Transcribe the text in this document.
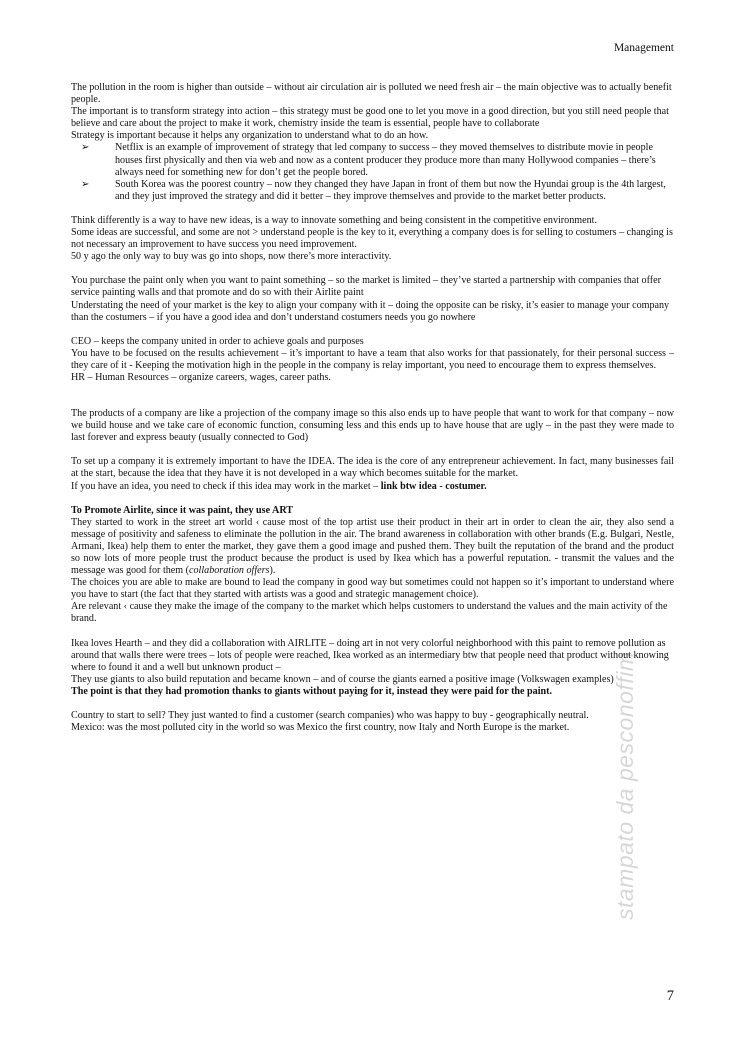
Management

The pollution in the room is higher than outside – without air circulation air is polluted we need fresh air – the main objective was to actually benefit people.

The important is to transform strategy into action – this strategy must be good one to let you move in a good direction, but you still need people that believe and care about the project to make it work, chemistry inside the team is essential, people have to collaborate

Strategy is important because it helps any organization to understand what to do an how.

➢	Netflix is an example of improvement of strategy that led company to success – they moved themselves to distribute movie in people houses first physically and then via web and now as a content producer they produce more than many Hollywood companies – there’s always need for something new for don’t get the people bored.
➢	South Korea was the poorest country – now they changed they have Japan in front of them but now the Hyundai group is the 4th largest, and they just improved the strategy and did it better – they improve themselves and provide to the market better products.

Think differently is a way to have new ideas, is a way to innovate something and being consistent in the competitive environment.

Some ideas are successful, and some are not > understand people is the key to it, everything a company does is for selling to costumers – changing is not necessary an improvement to have success you need improvement.

50 y ago the only way to buy was go into shops, now there’s more interactivity.

You purchase the paint only when you want to paint something – so the market is limited – they’ve started a partnership with companies that offer service painting walls and that promote and do so with their Airlite paint

Understating the need of your market is the key to align your company with it – doing the opposite can be risky, it’s easier to manage your company than the costumers – if you have a good idea and don’t understand costumers needs you go nowhere

CEO – keeps the company united in order to achieve goals and purposes

You have to be focused on the results achievement – it’s important to have a team that also works for that passionately, for their personal success – they care of it - Keeping the motivation high in the people in the company is relay important, you need to encourage them to express themselves.

HR – Human Resources – organize careers, wages, career paths.

The products of a company are like a projection of the company image so this also ends up to have people that want to work for that company – now we build house and we take care of economic function, consuming less and this ends up to have house that are ugly – in the past they were made to last forever and express beauty (usually connected to God)

To set up a company it is extremely important to have the IDEA. The idea is the core of any entrepreneur achievement. In fact, many businesses fail at the start, because the idea that they have it is not developed in a way which becomes suitable for the market.

If you have an idea, you need to check if this idea may work in the market – link btw idea - costumer.

To Promote Airlite, since it was paint, they use ART

They started to work in the street art world ‹ cause most of the top artist use their product in their art in order to clean the air, they also send a message of positivity and safeness to eliminate the pollution in the air. The brand awareness in collaboration with other brands (E.g. Bulgari, Nestle, Armani, Ikea) help them to enter the market, they gave them a good image and pushed them. They built the reputation of the brand and the product so now lots of more people trust the product because the product is used by Ikea which has a powerful reputation. - transmit the values and the message was good for them (collaboration offers).

The choices you are able to make are bound to lead the company in good way but sometimes could not happen so it’s important to understand where you have to start (the fact that they started with artists was a good and strategic management choice).

Are relevant ‹ cause they make the image of the company to the market which helps customers to understand the values and the main activity of the brand.

Ikea loves Hearth – and they did a collaboration with AIRLITE – doing art in not very colorful neighborhood with this paint to remove pollution as around that walls there were trees – lots of people were reached, Ikea worked as an intermediary btw that people need that product without knowing where to found it and a well but unknown product –

They use giants to also build reputation and became known – and of course the giants earned a positive image (Volkswagen examples)

The point is that they had promotion thanks to giants without paying for it, instead they were paid for the paint.

Country to start to sell? They just wanted to find a customer (search companies) who was happy to buy - geographically neutral.

Mexico: was the most polluted city in the world so was Mexico the first country, now Italy and North Europe is the market.	stampato da pesconoffim
7
